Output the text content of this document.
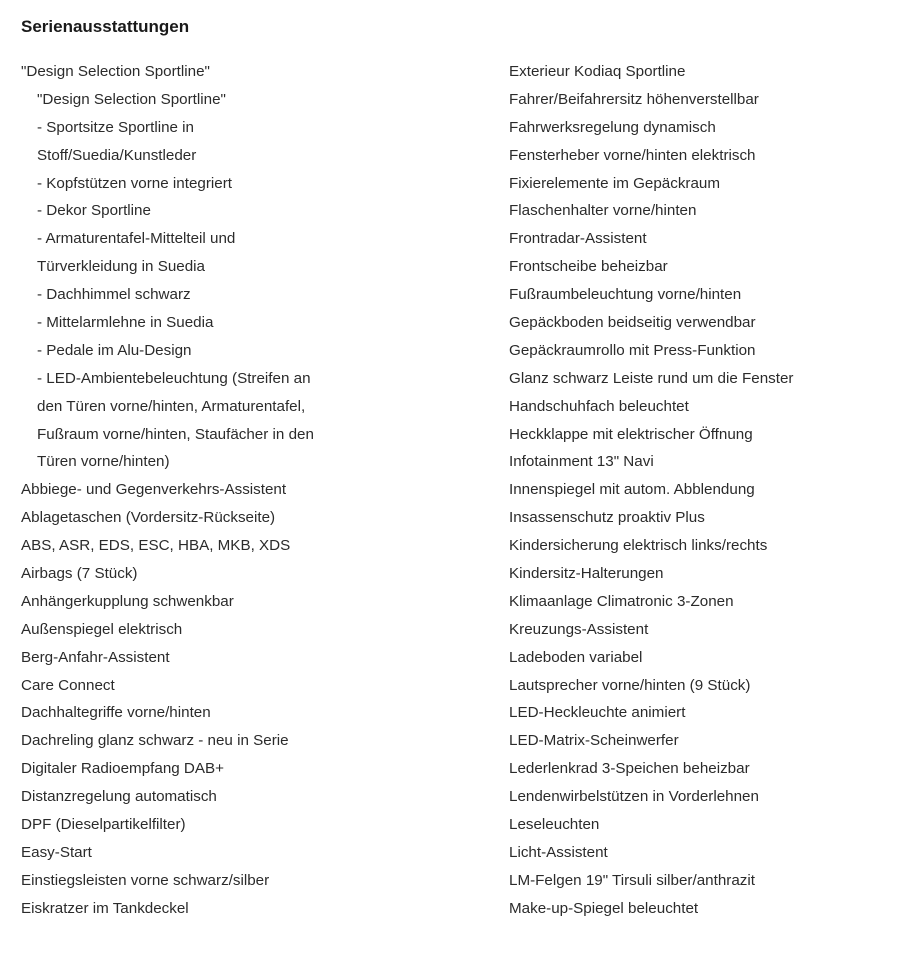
Serienausstattungen
"Design Selection Sportline"
"Design Selection Sportline"
- Sportsitze Sportline in
Stoff/Suedia/Kunstleder
- Kopfstützen vorne integriert
- Dekor Sportline
- Armaturentafel-Mittelteil und
Türverkleidung in Suedia
- Dachhimmel schwarz
- Mittelarmlehne in Suedia
- Pedale im Alu-Design
- LED-Ambientebeleuchtung (Streifen an
den Türen vorne/hinten, Armaturentafel,
Fußraum vorne/hinten, Staufächer in den
Türen vorne/hinten)
Abbiege- und Gegenverkehrs-Assistent
Ablagetaschen (Vordersitz-Rückseite)
ABS, ASR, EDS, ESC, HBA, MKB, XDS
Airbags (7 Stück)
Anhängerkupplung schwenkbar
Außenspiegel elektrisch
Berg-Anfahr-Assistent
Care Connect
Dachhaltegriffe vorne/hinten
Dachreling glanz schwarz - neu in Serie
Digitaler Radioempfang DAB+
Distanzregelung automatisch
DPF (Dieselpartikelfilter)
Easy-Start
Einstiegsleisten vorne schwarz/silber
Eiskratzer im Tankdeckel
Exterieur Kodiaq Sportline
Fahrer/Beifahrersitz höhenverstellbar
Fahrwerksregelung dynamisch
Fensterheber vorne/hinten elektrisch
Fixierelemente im Gepäckraum
Flaschenhalter vorne/hinten
Frontradar-Assistent
Frontscheibe beheizbar
Fußraumbeleuchtung vorne/hinten
Gepäckboden beidseitig verwendbar
Gepäckraumrollo mit Press-Funktion
Glanz schwarz Leiste rund um die Fenster
Handschuhfach beleuchtet
Heckklappe mit elektrischer Öffnung
Infotainment 13" Navi
Innenspiegel mit autom. Abblendung
Insassenschutz proaktiv Plus
Kindersicherung elektrisch links/rechts
Kindersitz-Halterungen
Klimaanlage Climatronic 3-Zonen
Kreuzungs-Assistent
Ladeboden variabel
Lautsprecher vorne/hinten (9 Stück)
LED-Heckleuchte animiert
LED-Matrix-Scheinwerfer
Lederlenkrad 3-Speichen beheizbar
Lendenwirbelstützen in Vorderlehnen
Leseleuchten
Licht-Assistent
LM-Felgen 19" Tirsuli silber/anthrazit
Make-up-Spiegel beleuchtet
